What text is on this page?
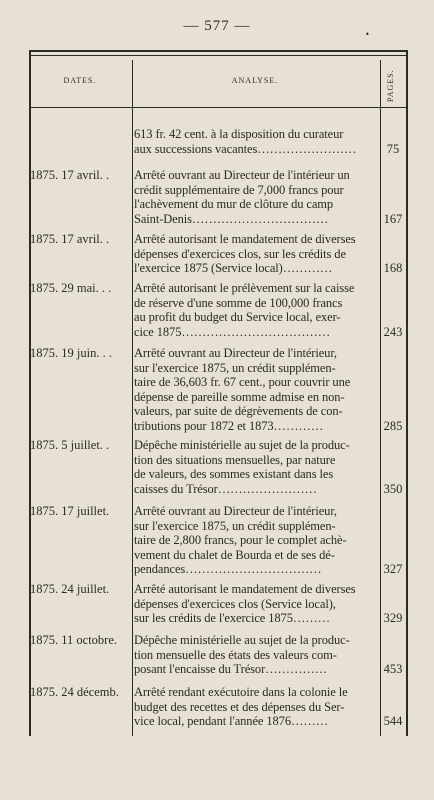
— 577 —
•
DATES.	ANALYSE.	PAGES.
613 fr. 42 cent. à la disposition du curateur
aux successions vacantes……………………	75
1875. 17 avril. .	Arrêté ouvrant au Directeur de l'intérieur un
crédit supplémentaire de 7,000 francs pour
l'achèvement du mur de clôture du camp
Saint-Denis……………………………	167
1875. 17 avril. .	Arrêté autorisant le mandatement de diverses
dépenses d'exercices clos, sur les crédits de
l'exercice 1875 (Service local)…………	168
1875. 29 mai. . .	Arrêté autorisant le prélèvement sur la caisse
de réserve d'une somme de 100,000 francs
au profit du budget du Service local, exer-
cice 1875………………………………	243
1875. 19 juin. . .	Arrêté ouvrant au Directeur de l'intérieur,
sur l'exercice 1875, un crédit supplémen-
taire de 36,603 fr. 67 cent., pour couvrir une
dépense de pareille somme admise en non-
valeurs, par suite de dégrèvements de con-
tributions pour 1872 et 1873…………	285
1875. 5 juillet. .	Dépêche ministérielle au sujet de la produc-
tion des situations mensuelles, par nature
de valeurs, des sommes existant dans les
caisses du Trésor……………………	350
1875. 17 juillet.	Arrêté ouvrant au Directeur de l'intérieur,
sur l'exercice 1875, un crédit supplémen-
taire de 2,800 francs, pour le complet achè-
vement du chalet de Bourda et de ses dé-
pendances……………………………	327
1875. 24 juillet.	Arrêté autorisant le mandatement de diverses
dépenses d'exercices clos (Service local),
sur les crédits de l'exercice 1875………	329
1875. 11 octobre.	Dépêche ministérielle au sujet de la produc-
tion mensuelle des états des valeurs com-
posant l'encaisse du Trésor……………	453
1875. 24 décemb.	Arrêté rendant exécutoire dans la colonie le
budget des recettes et des dépenses du Ser-
vice local, pendant l'année 1876………	544
